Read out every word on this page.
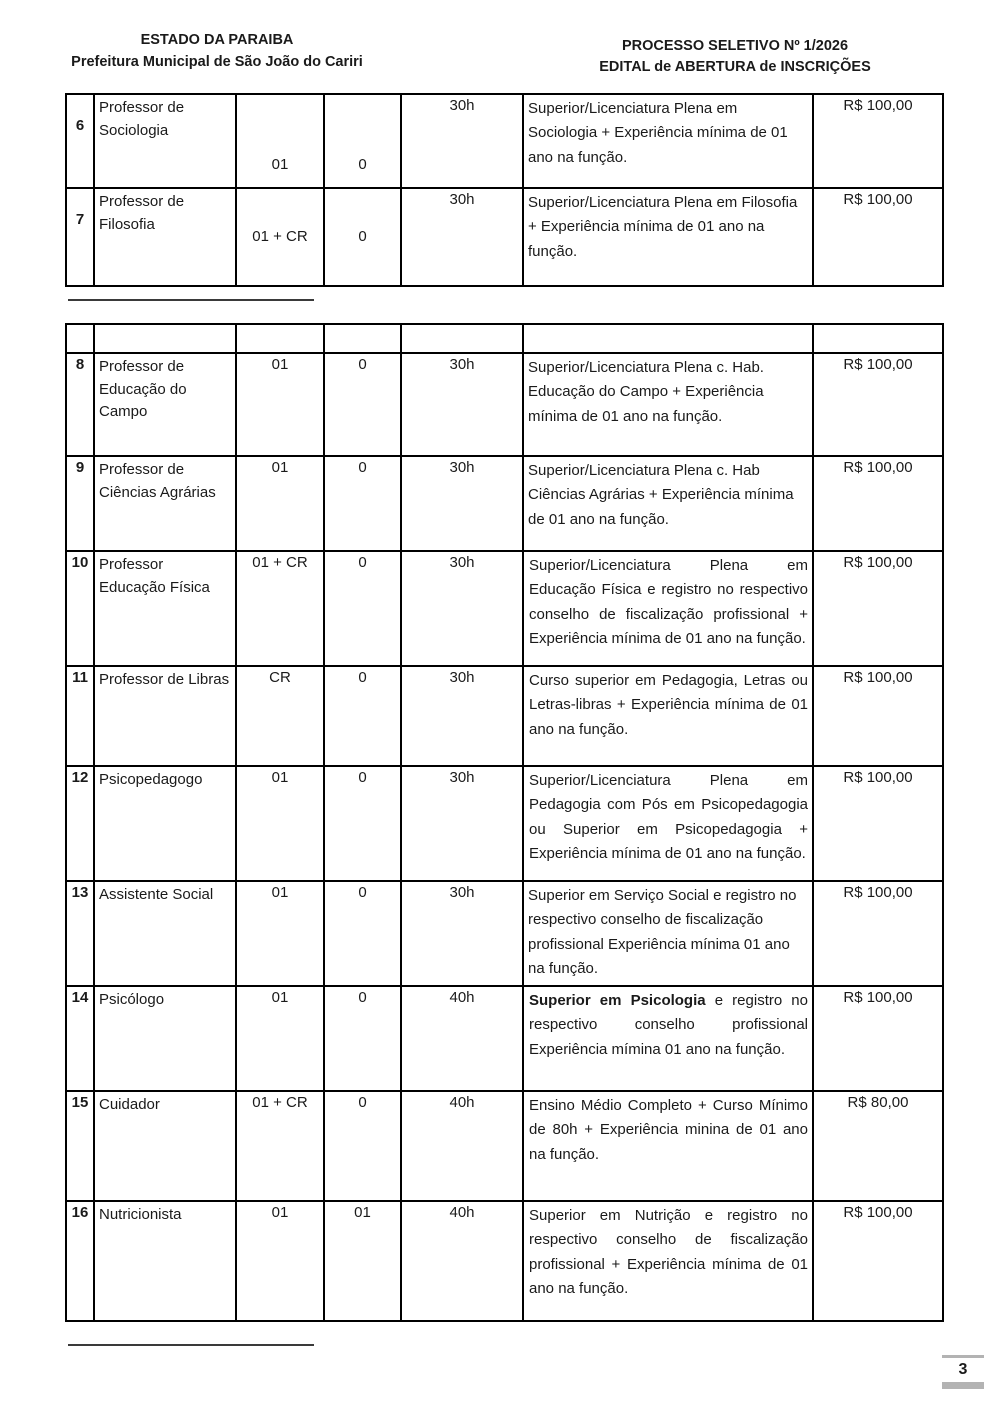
ESTADO DA PARAIBA
Prefeitura Municipal de São João do Cariri
PROCESSO SELETIVO Nº 1/2026
EDITAL de ABERTURA de INSCRIÇÕES
6	Professor de Sociologia	01	0	30h	Superior/Licenciatura Plena em Sociologia + Experiência mínima de 01 ano na função.	R$ 100,00
7	Professor de Filosofia	01 + CR	0	30h	Superior/Licenciatura Plena em Filosofia + Experiência mínima de 01 ano na função.	R$ 100,00

8	Professor de Educação do Campo	01	0	30h	Superior/Licenciatura Plena c. Hab. Educação do Campo + Experiência mínima de 01 ano na função.	R$ 100,00
9	Professor de Ciências Agrárias	01	0	30h	Superior/Licenciatura Plena c. Hab Ciências Agrárias + Experiência mínima de 01 ano na função.	R$ 100,00
10	Professor Educação Física	01 + CR	0	30h	Superior/Licenciatura Plena em Educação Física e registro no respectivo conselho de fiscalização profissional + Experiência mínima de 01 ano na função.	R$ 100,00
11	Professor de Libras	CR	0	30h	Curso superior em Pedagogia, Letras ou Letras-libras + Experiência mínima de 01 ano na função.	R$ 100,00
12	Psicopedagogo	01	0	30h	Superior/Licenciatura Plena em Pedagogia com Pós em Psicopedagogia ou Superior em Psicopedagogia + Experiência mínima de 01 ano na função.	R$ 100,00
13	Assistente Social	01	0	30h	Superior em Serviço Social e registro no respectivo conselho de fiscalização profissional Experiência mínima 01 ano na função.	R$ 100,00
14	Psicólogo	01	0	40h	Superior em Psicologia e registro no respectivo conselho profissional Experiência mímina 01 ano na função.	R$ 100,00
15	Cuidador	01 + CR	0	40h	Ensino Médio Completo + Curso Mínimo de 80h + Experiência minina de 01 ano na função.	R$ 80,00
16	Nutricionista	01	01	40h	Superior em Nutrição e registro no respectivo conselho de fiscalização profissional + Experiência mínima de 01 ano na função.	R$ 100,00
3
